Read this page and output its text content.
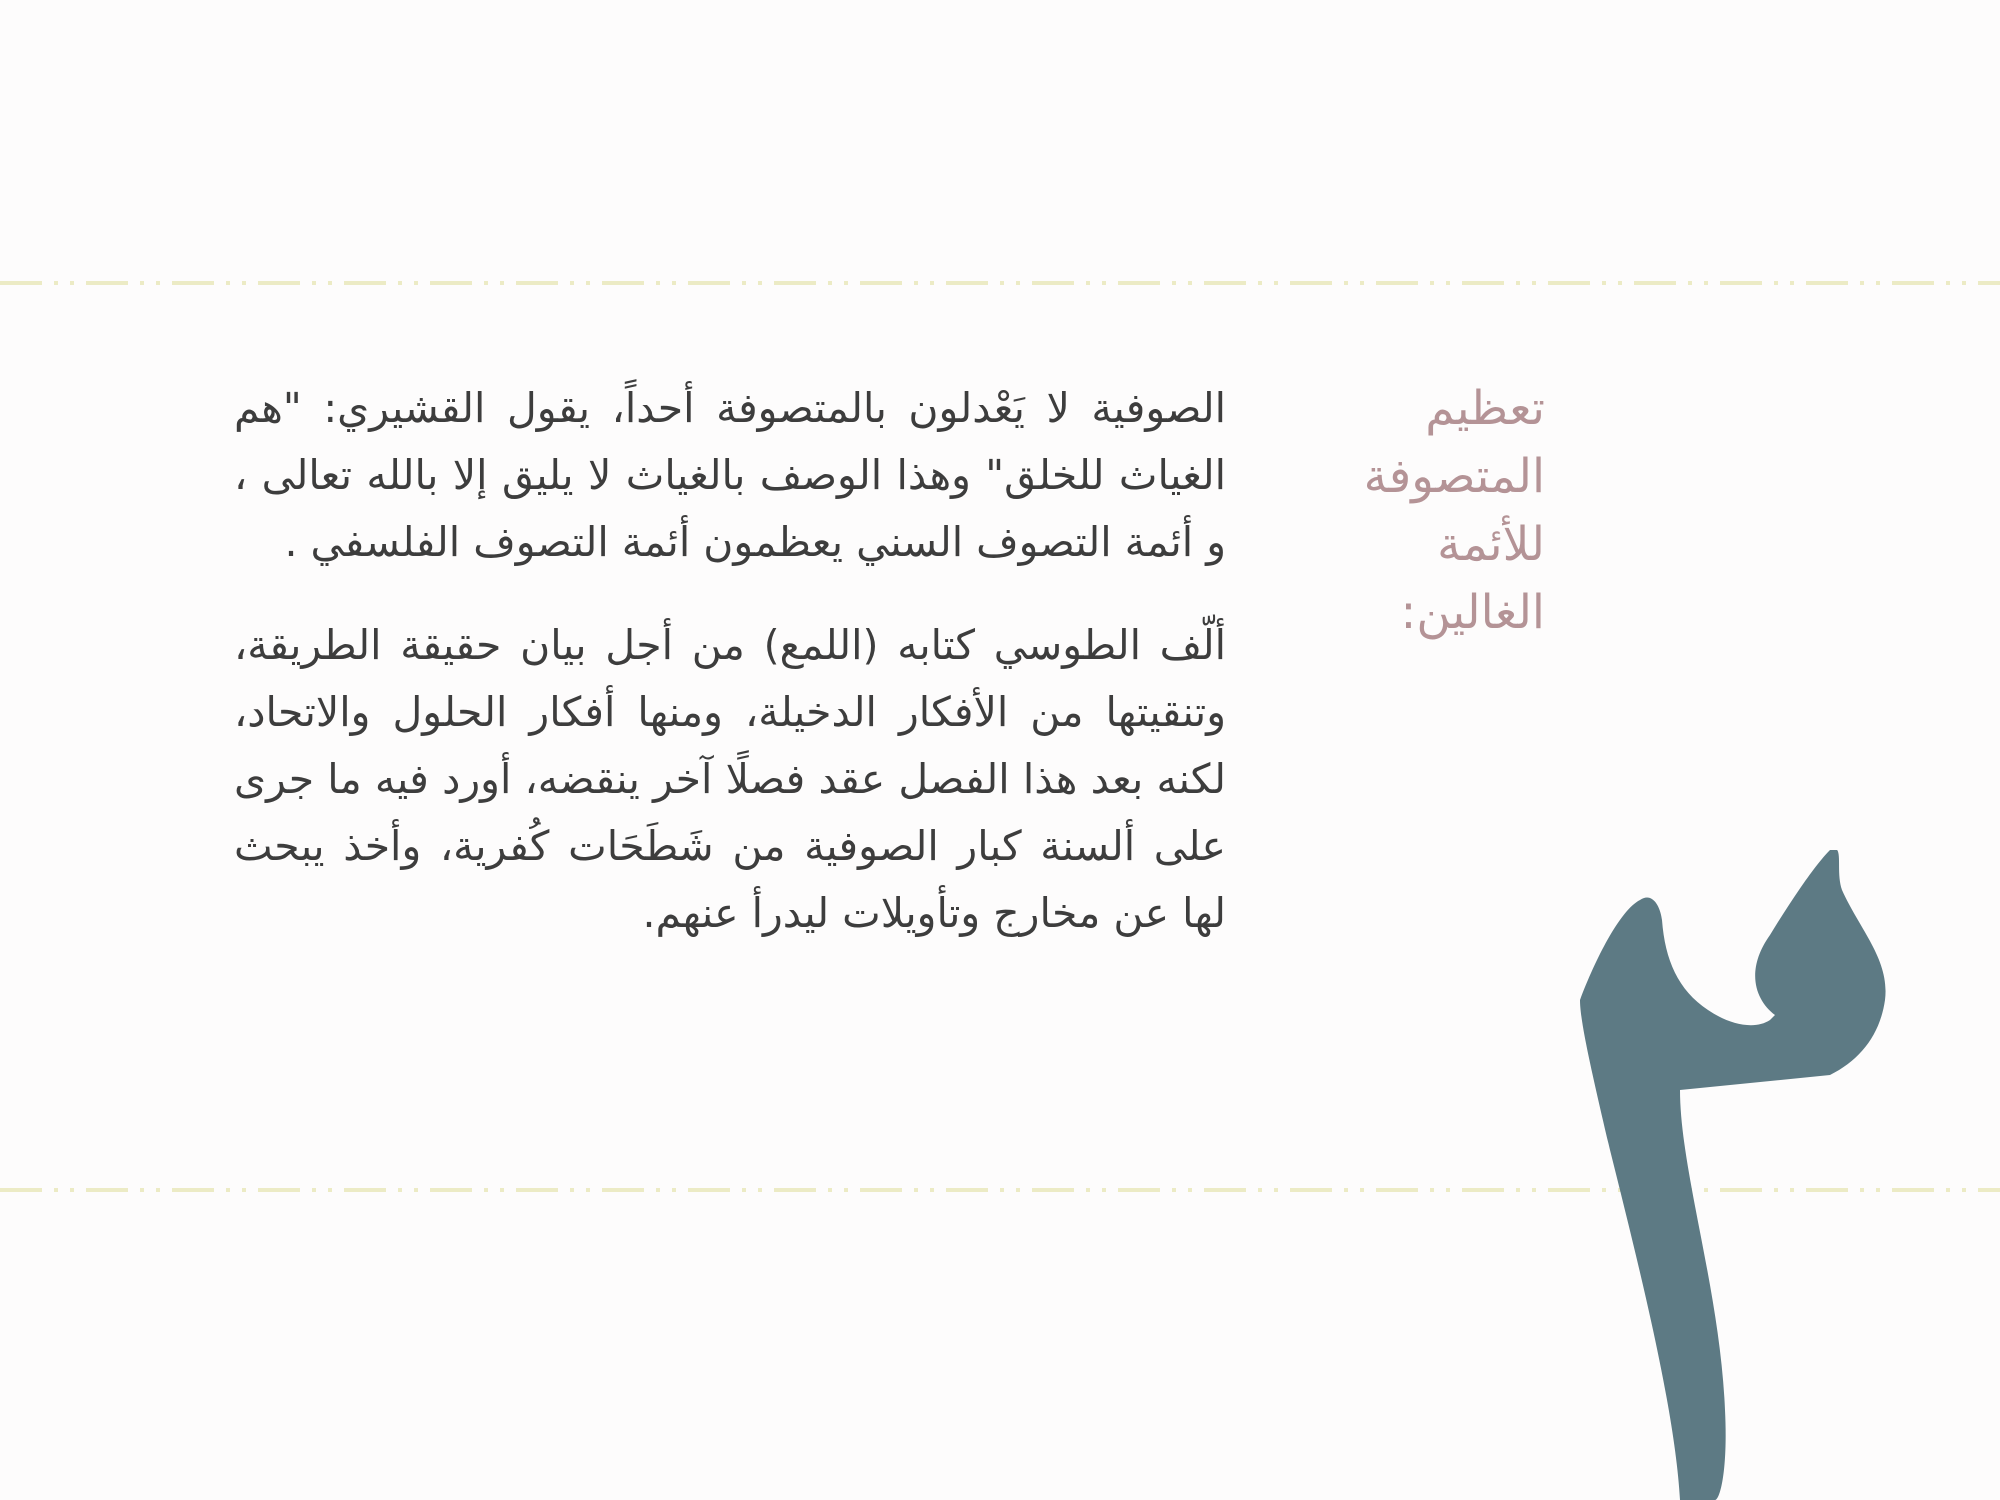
تعظيم
المتصوفة
للأئمة
الغالين:

الصوفية لا يَعْدلون بالمتصوفة أحداً، يقول القشيري: "هم الغياث للخلق" وهذا الوصف بالغياث لا يليق إلا بالله تعالى ، و أئمة التصوف السني يعظمون أئمة التصوف الفلسفي .

ألّف الطوسي كتابه (اللمع) من أجل بيان حقيقة الطريقة، وتنقيتها من الأفكار الدخيلة، ومنها أفكار الحلول والاتحاد، لكنه بعد هذا الفصل عقد فصلًا آخر ينقضه، أورد فيه ما جرى على ألسنة كبار الصوفية من شَطَحَات كُفرية، وأخذ يبحث لها عن مخارج وتأويلات ليدرأ عنهم.
